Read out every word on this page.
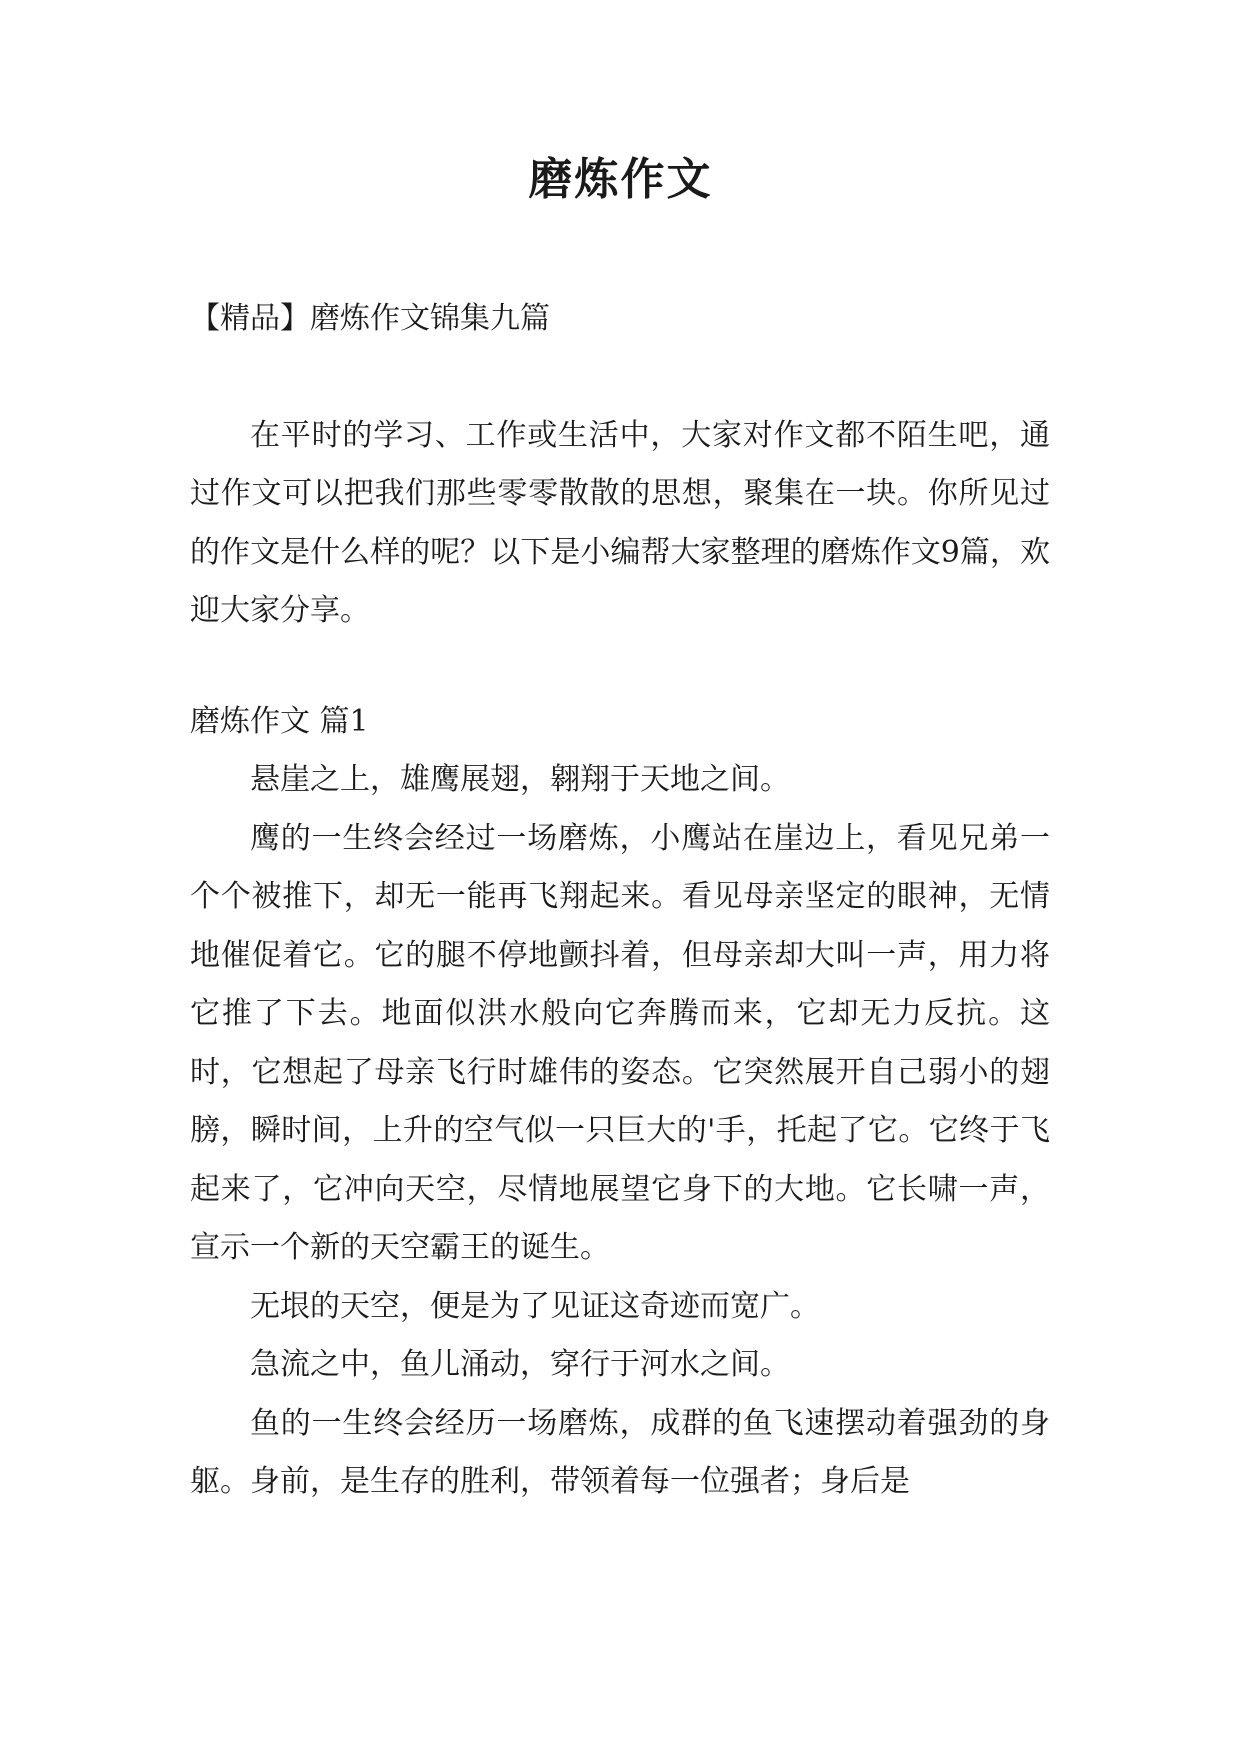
磨炼作文

【精品】磨炼作文锦集九篇

在平时的学习、工作或生活中，大家对作文都不陌生吧，通过作文可以把我们那些零零散散的思想，聚集在一块。你所见过的作文是什么样的呢？以下是小编帮大家整理的磨炼作文9篇，欢迎大家分享。

磨炼作文 篇1

悬崖之上，雄鹰展翅，翱翔于天地之间。

鹰的一生终会经过一场磨炼，小鹰站在崖边上，看见兄弟一个个被推下，却无一能再飞翔起来。看见母亲坚定的眼神，无情地催促着它。它的腿不停地颤抖着，但母亲却大叫一声，用力将它推了下去。地面似洪水般向它奔腾而来，它却无力反抗。这时，它想起了母亲飞行时雄伟的姿态。它突然展开自己弱小的翅膀，瞬时间，上升的空气似一只巨大的'手，托起了它。它终于飞起来了，它冲向天空，尽情地展望它身下的大地。它长啸一声，宣示一个新的天空霸王的诞生。

无垠的天空，便是为了见证这奇迹而宽广。

急流之中，鱼儿涌动，穿行于河水之间。

鱼的一生终会经历一场磨炼，成群的鱼飞速摆动着强劲的身躯。身前，是生存的胜利，带领着每一位强者；身后是
